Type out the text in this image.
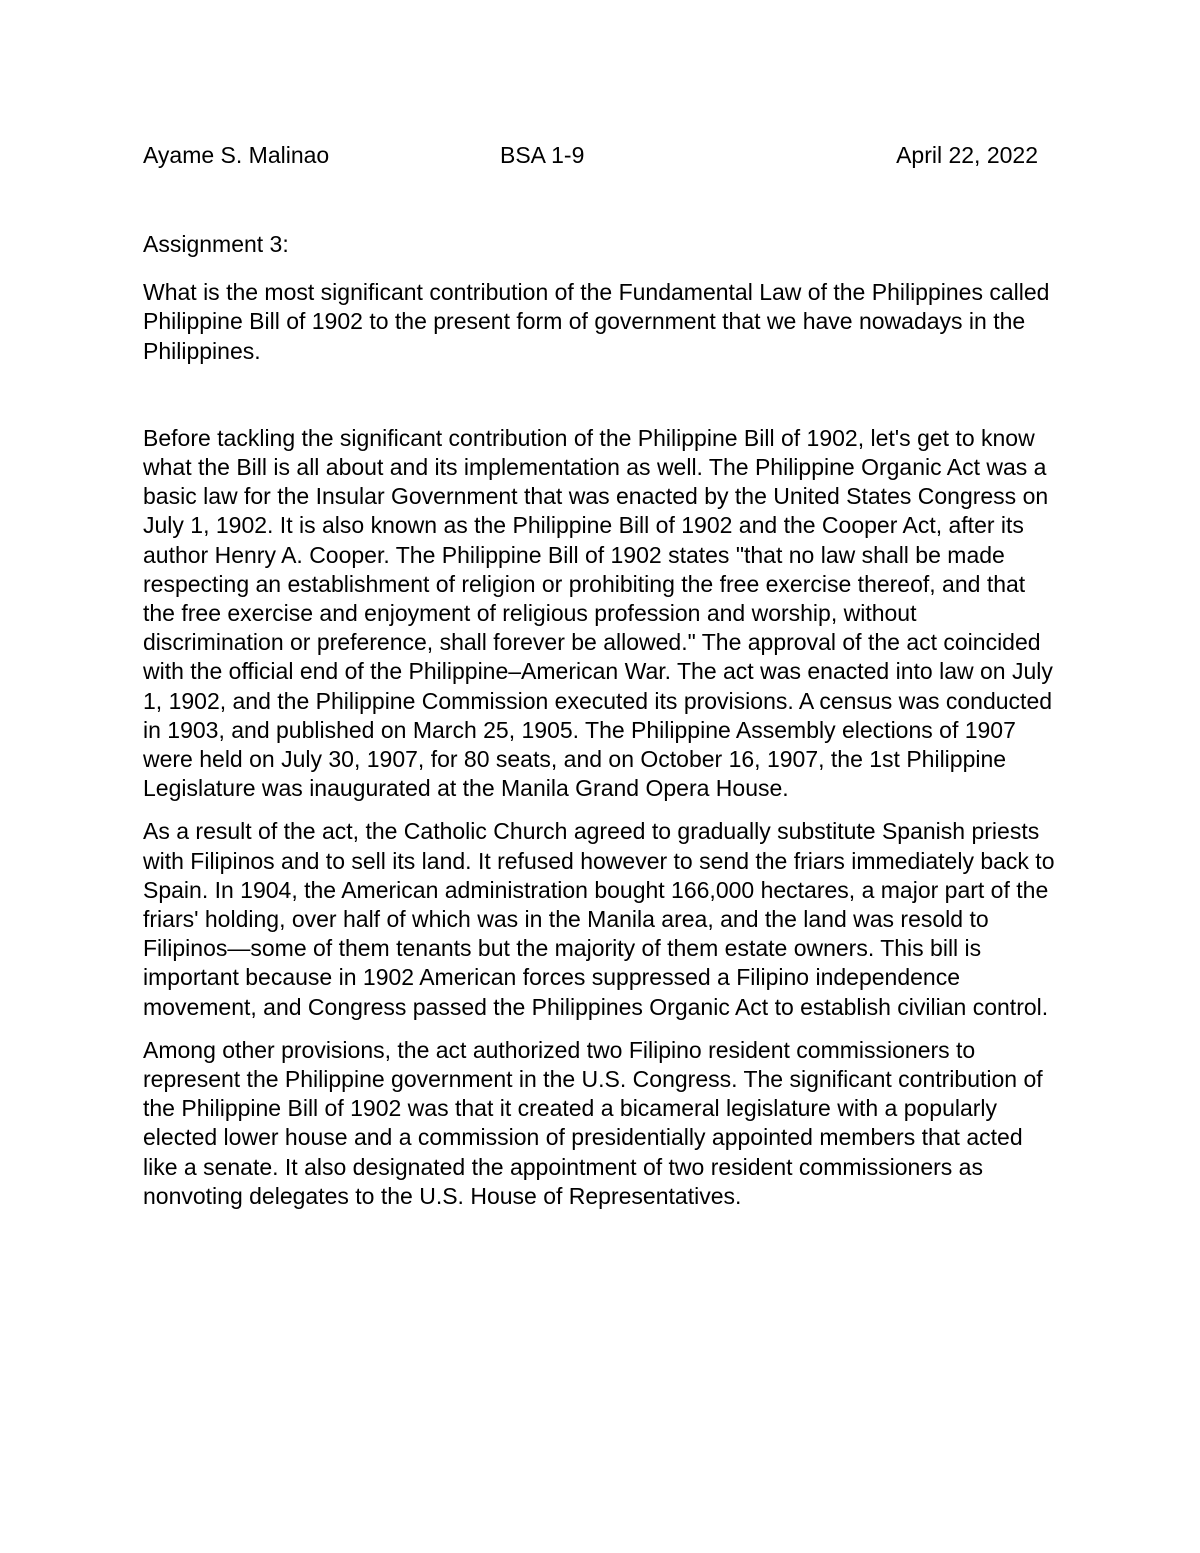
Ayame S. Malinao	BSA 1-9	April 22, 2022

Assignment 3:

What is the most significant contribution of the Fundamental Law of the Philippines called Philippine Bill of 1902 to the present form of government that we have nowadays in the Philippines.

Before tackling the significant contribution of the Philippine Bill of 1902, let's get to know what the Bill is all about and its implementation as well. The Philippine Organic Act was a basic law for the Insular Government that was enacted by the United States Congress on July 1, 1902. It is also known as the Philippine Bill of 1902 and the Cooper Act, after its author Henry A. Cooper. The Philippine Bill of 1902 states "that no law shall be made respecting an establishment of religion or prohibiting the free exercise thereof, and that the free exercise and enjoyment of religious profession and worship, without discrimination or preference, shall forever be allowed." The approval of the act coincided with the official end of the Philippine–American War. The act was enacted into law on July 1, 1902, and the Philippine Commission executed its provisions. A census was conducted in 1903, and published on March 25, 1905. The Philippine Assembly elections of 1907 were held on July 30, 1907, for 80 seats, and on October 16, 1907, the 1st Philippine Legislature was inaugurated at the Manila Grand Opera House.

As a result of the act, the Catholic Church agreed to gradually substitute Spanish priests with Filipinos and to sell its land. It refused however to send the friars immediately back to Spain. In 1904, the American administration bought 166,000 hectares, a major part of the friars' holding, over half of which was in the Manila area, and the land was resold to Filipinos—some of them tenants but the majority of them estate owners. This bill is important because in 1902 American forces suppressed a Filipino independence movement, and Congress passed the Philippines Organic Act to establish civilian control.

Among other provisions, the act authorized two Filipino resident commissioners to represent the Philippine government in the U.S. Congress. The significant contribution of the Philippine Bill of 1902 was that it created a bicameral legislature with a popularly elected lower house and a commission of presidentially appointed members that acted like a senate. It also designated the appointment of two resident commissioners as nonvoting delegates to the U.S. House of Representatives.
